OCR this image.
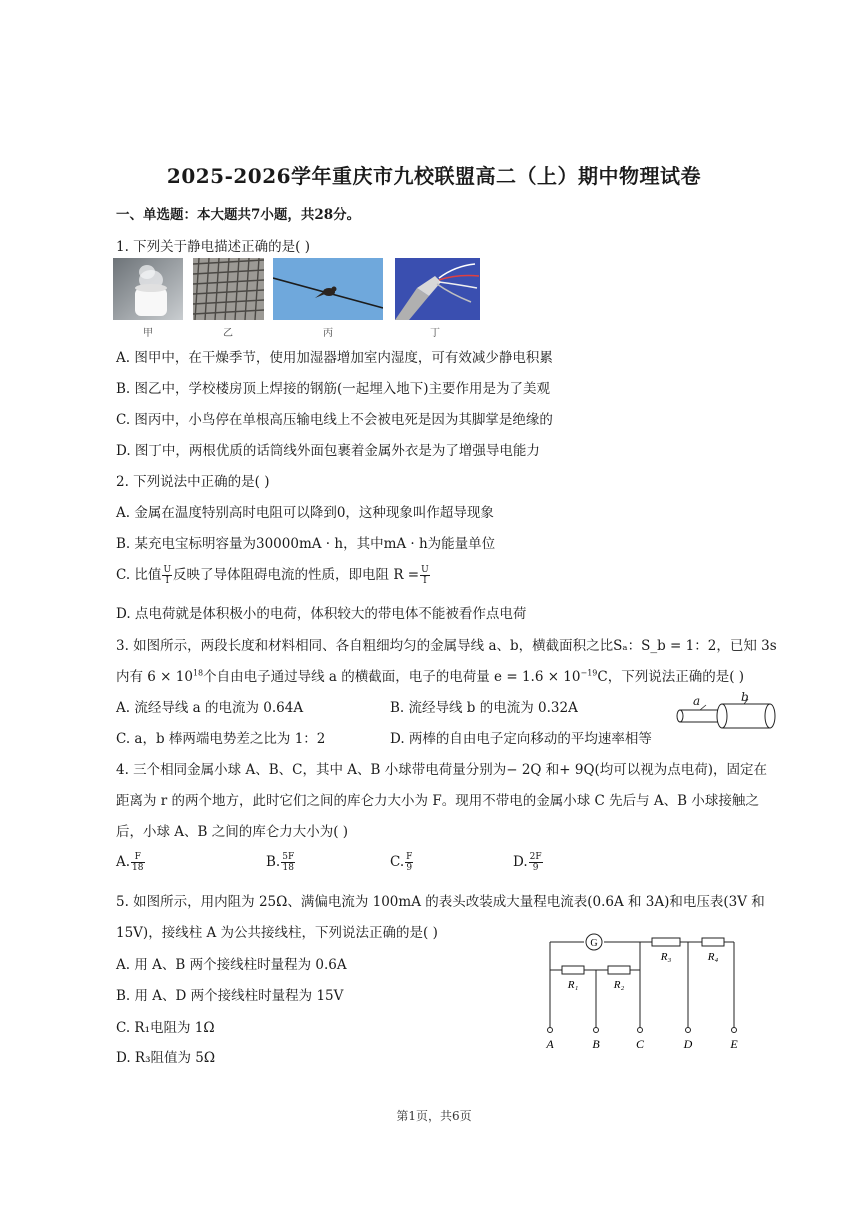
2025-2026学年重庆市九校联盟高二（上）期中物理试卷
一、单选题：本大题共7小题，共28分。
1. 下列关于静电描述正确的是( )
甲	乙	丙	丁
A. 图甲中，在干燥季节，使用加湿器增加室内湿度，可有效减少静电积累
B. 图乙中，学校楼房顶上焊接的钢筋(一起埋入地下)主要作用是为了美观
C. 图丙中，小鸟停在单根高压输电线上不会被电死是因为其脚掌是绝缘的
D. 图丁中，两根优质的话筒线外面包裹着金属外衣是为了增强导电能力
2. 下列说法中正确的是( )
A. 金属在温度特别高时电阻可以降到0，这种现象叫作超导现象
B. 某充电宝标明容量为30000mA · h，其中mA · h为能量单位
C. 比值 $\frac{U}{I}$ 反映了导体阻碍电流的性质，即电阻 $R = \frac{U}{I}$
D. 点电荷就是体积极小的电荷，体积较大的带电体不能被看作点电荷
3. 如图所示，两段长度和材料相同、各自粗细均匀的金属导线 a、b，横截面积之比Sₐ：S_b = 1：2，已知 3s
内有 $6 \times 10^{18}$个自由电子通过导线 a 的横截面，电子的电荷量 $e = 1.6 \times 10^{-19}C$，下列说法正确的是( )
A. 流经导线 a 的电流为 0.64A	B. 流经导线 b 的电流为 0.32A
C. a，b 棒两端电势差之比为 1：2	D. 两棒的自由电子定向移动的平均速率相等
a	b
4. 三个相同金属小球 A、B、C，其中 A、B 小球带电荷量分别为− 2Q 和+ 9Q(均可以视为点电荷)，固定在
距离为 r 的两个地方，此时它们之间的库仑力大小为 F。现用不带电的金属小球 C 先后与 A、B 小球接触之
后，小球 A、B 之间的库仑力大小为( )
A. $\frac{F}{18}$	B. $\frac{5F}{18}$	C. $\frac{F}{9}$	D. $\frac{2F}{9}$
5. 如图所示，用内阻为 25Ω、满偏电流为 100mA 的表头改装成大量程电流表(0.6A 和 3A)和电压表(3V 和
15V)，接线柱 A 为公共接线柱，下列说法正确的是( )
A. 用 A、B 两个接线柱时量程为 0.6A
B. 用 A、D 两个接线柱时量程为 15V
C. R₁电阻为 1Ω
D. R₃阻值为 5Ω
G
R₁	R₂
R₃	R₄
A	B	C	D	E
第1页，共6页
